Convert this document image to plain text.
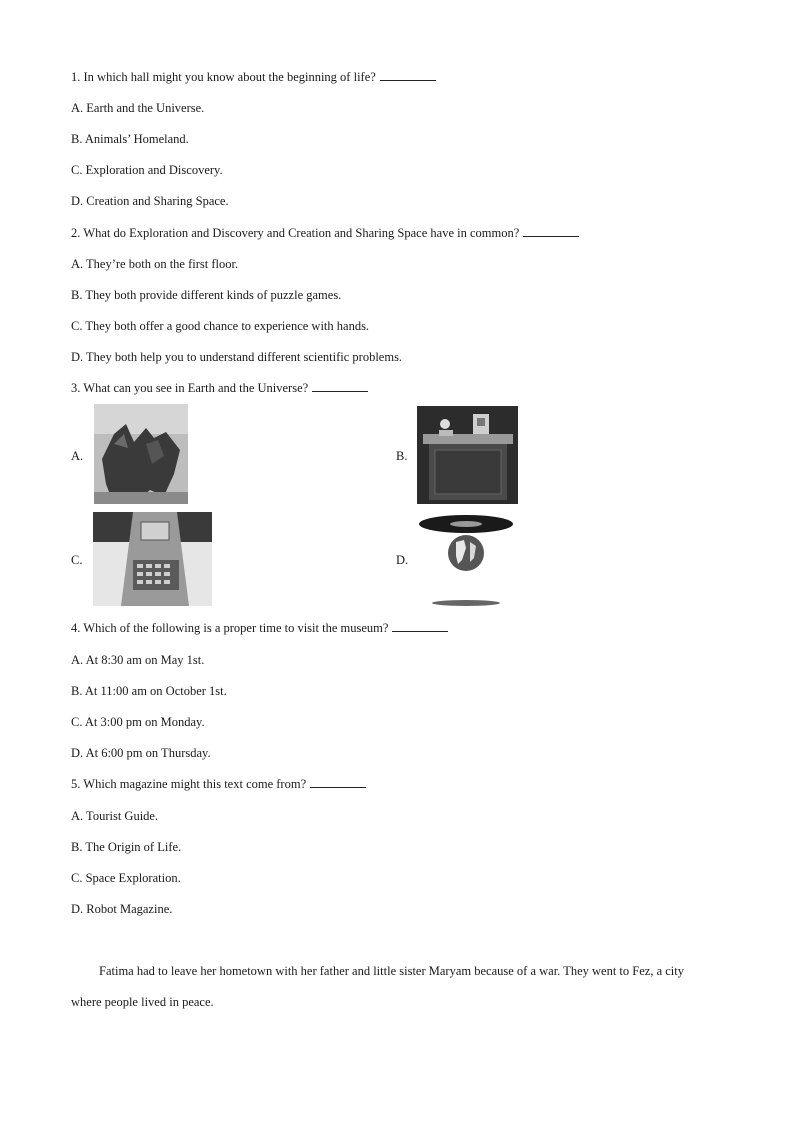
1. In which hall might you know about the beginning of life?
A. Earth and the Universe.
B. Animals’ Homeland.
C. Exploration and Discovery.
D. Creation and Sharing Space.
2. What do Exploration and Discovery and Creation and Sharing Space have in common?
A. They’re both on the first floor.
B. They both provide different kinds of puzzle games.
C. They both offer a good chance to experience with hands.
D. They both help you to understand different scientific problems.
3. What can you see in Earth and the Universe?
A.	B.
C.	D.
4. Which of the following is a proper time to visit the museum?
A. At 8:30 am on May 1st.
B. At 11:00 am on October 1st.
C. At 3:00 pm on Monday.
D. At 6:00 pm on Thursday.
5. Which magazine might this text come from?
A. Tourist Guide.
B. The Origin of Life.
C. Space Exploration.
D. Robot Magazine.
Fatima had to leave her hometown with her father and little sister Maryam because of a war. They went to Fez, a city where people lived in peace.
